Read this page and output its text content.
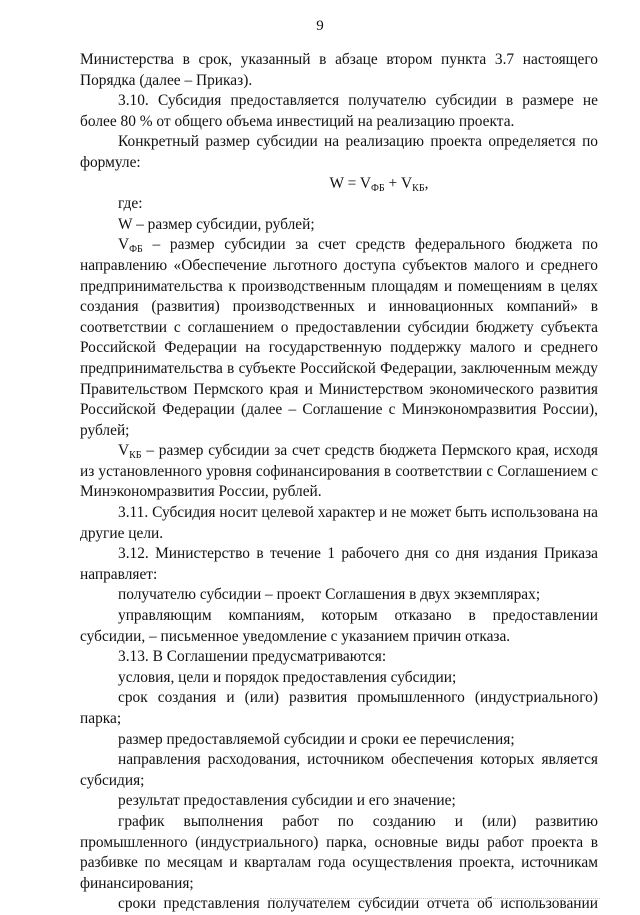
9

Министерства в срок, указанный в абзаце втором пункта 3.7 настоящего Порядка (далее – Приказ).

3.10. Субсидия предоставляется получателю субсидии в размере не более 80 % от общего объема инвестиций на реализацию проекта.

Конкретный размер субсидии на реализацию проекта определяется по формуле:

$W = V_{ФБ} + V_{КБ}$,

где:

W – размер субсидии, рублей;

$V_{ФБ}$ – размер субсидии за счет средств федерального бюджета по направлению «Обеспечение льготного доступа субъектов малого и среднего предпринимательства к производственным площадям и помещениям в целях создания (развития) производственных и инновационных компаний» в соответствии с соглашением о предоставлении субсидии бюджету субъекта Российской Федерации на государственную поддержку малого и среднего предпринимательства в субъекте Российской Федерации, заключенным между Правительством Пермского края и Министерством экономического развития Российской Федерации (далее – Соглашение с Минэкономразвития России), рублей;

$V_{КБ}$ – размер субсидии за счет средств бюджета Пермского края, исходя из установленного уровня софинансирования в соответствии с Соглашением с Минэкономразвития России, рублей.

3.11. Субсидия носит целевой характер и не может быть использована на другие цели.

3.12. Министерство в течение 1 рабочего дня со дня издания Приказа направляет:

получателю субсидии – проект Соглашения в двух экземплярах;

управляющим компаниям, которым отказано в предоставлении субсидии, – письменное уведомление с указанием причин отказа.

3.13. В Соглашении предусматриваются:

условия, цели и порядок предоставления субсидии;

срок создания и (или) развития промышленного (индустриального) парка;

размер предоставляемой субсидии и сроки ее перечисления;

направления расходования, источником обеспечения которых является субсидия;

результат предоставления субсидии и его значение;

график выполнения работ по созданию и (или) развитию промышленного (индустриального) парка, основные виды работ проекта в разбивке по месяцам и кварталам года осуществления проекта, источникам финансирования;

сроки представления получателем субсидии отчета об использовании
